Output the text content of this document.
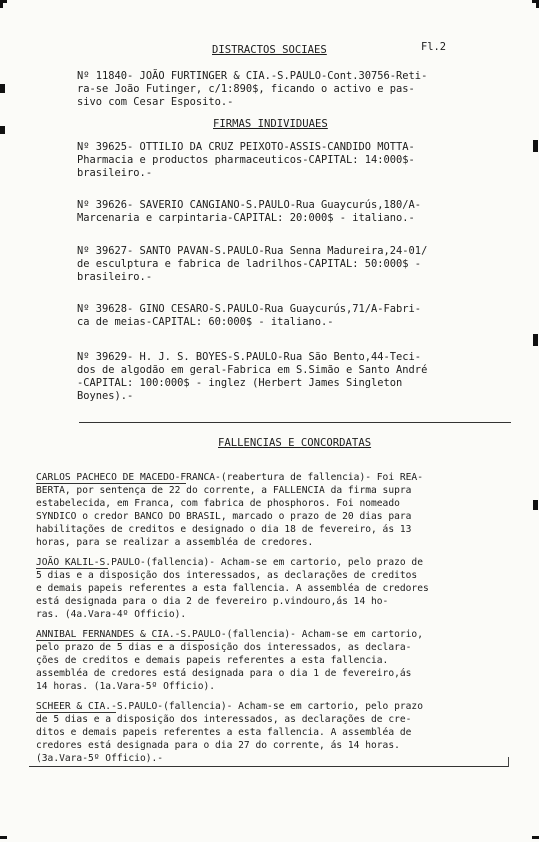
DISTRACTOS SOCIAES	Fl.2
Nº 11840- JOÃO FURTINGER & CIA.-S.PAULO-Cont.30756-Reti-
ra-se João Futinger, c/1:890$, ficando o activo e pas-
sivo com Cesar Esposito.-
FIRMAS INDIVIDUAES
Nº 39625- OTTILIO DA CRUZ PEIXOTO-ASSIS-CANDIDO MOTTA-
Pharmacia e productos pharmaceuticos-CAPITAL: 14:000$-
brasileiro.-
Nº 39626- SAVERIO CANGIANO-S.PAULO-Rua Guaycurús,180/A-
Marcenaria e carpintaria-CAPITAL: 20:000$ - italiano.-
Nº 39627- SANTO PAVAN-S.PAULO-Rua Senna Madureira,24-01/
de esculptura e fabrica de ladrilhos-CAPITAL: 50:000$ -
brasileiro.-
Nº 39628- GINO CESARO-S.PAULO-Rua Guaycurús,71/A-Fabri-
ca de meias-CAPITAL: 60:000$ - italiano.-
Nº 39629- H. J. S. BOYES-S.PAULO-Rua São Bento,44-Teci-
dos de algodão em geral-Fabrica em S.Simão e Santo André
-CAPITAL: 100:000$ - inglez (Herbert James Singleton
Boynes).-
FALLENCIAS E CONCORDATAS
CARLOS PACHECO DE MACEDO-FRANCA-(reabertura de fallencia)- Foi REA-
BERTA, por sentença de 22 do corrente, a FALLENCIA da firma supra
estabelecida, em Franca, com fabrica de phosphoros. Foi nomeado
SYNDICO o credor BANCO DO BRASIL, marcado o prazo de 20 dias para
habilitações de creditos e designado o dia 18 de fevereiro, ás 13
horas, para se realizar a assembléa de credores.
JOÃO KALIL-S.PAULO-(fallencia)- Acham-se em cartorio, pelo prazo de
5 dias e a disposição dos interessados, as declarações de creditos
e demais papeis referentes a esta fallencia. A assembléa de credores
está designada para o dia 2 de fevereiro p.vindouro,ás 14 ho-
ras. (4a.Vara-4º Officio).
ANNIBAL FERNANDES & CIA.-S.PAULO-(fallencia)- Acham-se em cartorio,
pelo prazo de 5 dias e a disposição dos interessados, as declara-
ções de creditos e demais papeis referentes a esta fallencia.
assembléa de credores está designada para o dia 1 de fevereiro,ás
14 horas. (1a.Vara-5º Officio).
SCHEER & CIA.-S.PAULO-(fallencia)- Acham-se em cartorio, pelo prazo
de 5 dias e a disposição dos interessados, as declarações de cre-
ditos e demais papeis referentes a esta fallencia. A assembléa de
credores está designada para o dia 27 do corrente, ás 14 horas.
(3a.Vara-5º Officio).-
